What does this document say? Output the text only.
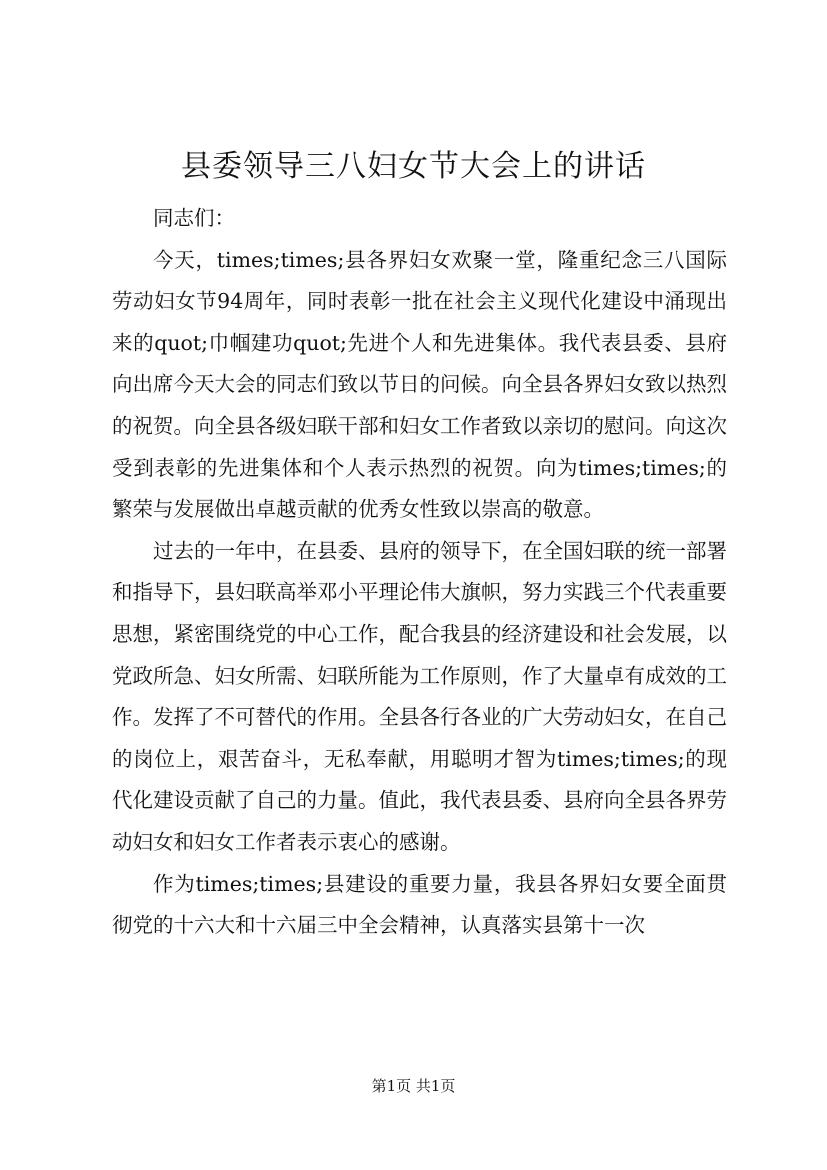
县委领导三八妇女节大会上的讲话

同志们：

今天，times;times;县各界妇女欢聚一堂，隆重纪念三八国际劳动妇女节94周年，同时表彰一批在社会主义现代化建设中涌现出来的quot;巾帼建功quot;先进个人和先进集体。我代表县委、县府向出席今天大会的同志们致以节日的问候。向全县各界妇女致以热烈的祝贺。向全县各级妇联干部和妇女工作者致以亲切的慰问。向这次受到表彰的先进集体和个人表示热烈的祝贺。向为times;times;的繁荣与发展做出卓越贡献的优秀女性致以崇高的敬意。

过去的一年中，在县委、县府的领导下，在全国妇联的统一部署和指导下，县妇联高举邓小平理论伟大旗帜，努力实践三个代表重要思想，紧密围绕党的中心工作，配合我县的经济建设和社会发展，以党政所急、妇女所需、妇联所能为工作原则，作了大量卓有成效的工作。发挥了不可替代的作用。全县各行各业的广大劳动妇女，在自己的岗位上，艰苦奋斗，无私奉献，用聪明才智为times;times;的现代化建设贡献了自己的力量。值此，我代表县委、县府向全县各界劳动妇女和妇女工作者表示衷心的感谢。

作为times;times;县建设的重要力量，我县各界妇女要全面贯彻党的十六大和十六届三中全会精神，认真落实县第十一次

第1页 共1页
